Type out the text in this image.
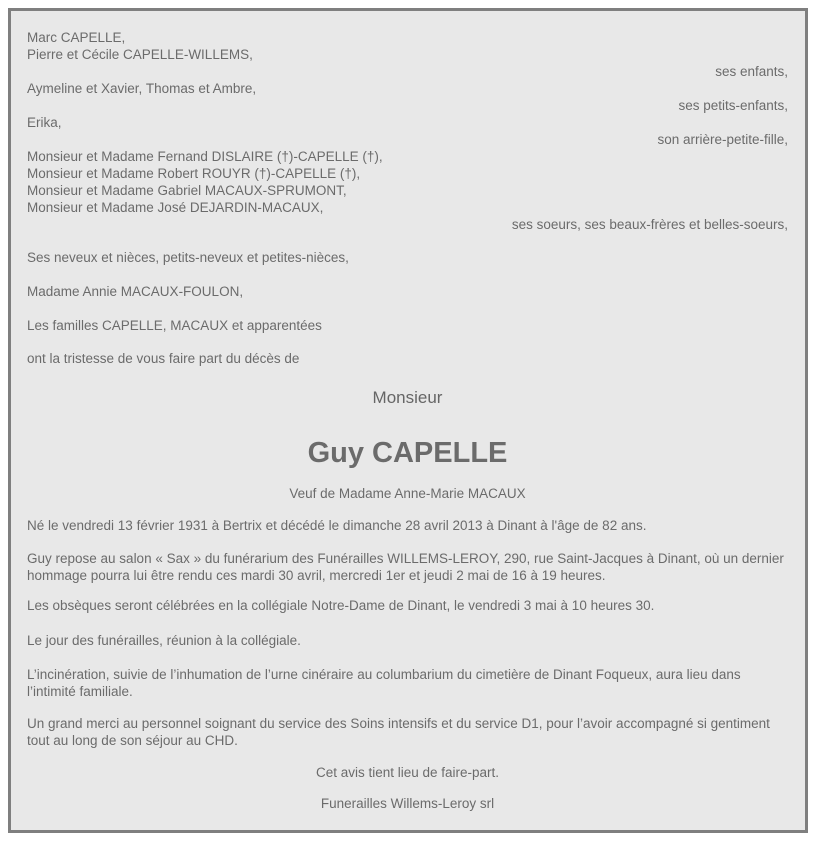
Marc CAPELLE,
Pierre et Cécile CAPELLE-WILLEMS,
ses enfants,
Aymeline et Xavier, Thomas et Ambre,
ses petits-enfants,
Erika,
son arrière-petite-fille,
Monsieur et Madame Fernand DISLAIRE (†)-CAPELLE (†),
Monsieur et Madame Robert ROUYR (†)-CAPELLE (†),
Monsieur et Madame Gabriel MACAUX-SPRUMONT,
Monsieur et Madame José DEJARDIN-MACAUX,
ses soeurs, ses beaux-frères et belles-soeurs,
Ses neveux et nièces, petits-neveux et petites-nièces,
Madame Annie MACAUX-FOULON,
Les familles CAPELLE, MACAUX et apparentées
ont la tristesse de vous faire part du décès de
Monsieur
Guy CAPELLE
Veuf de Madame Anne-Marie MACAUX

Né le vendredi 13 février 1931 à Bertrix et décédé le dimanche 28 avril 2013 à Dinant à l'âge de 82 ans.

Guy repose au salon « Sax » du funérarium des Funérailles WILLEMS-LEROY, 290, rue Saint-Jacques à Dinant, où un dernier hommage pourra lui être rendu ces mardi 30 avril, mercredi 1er et jeudi 2 mai de 16 à 19 heures.

Les obsèques seront célébrées en la collégiale Notre-Dame de Dinant, le vendredi 3 mai à 10 heures 30.

Le jour des funérailles, réunion à la collégiale.

L’incinération, suivie de l’inhumation de l’urne cinéraire au columbarium du cimetière de Dinant Foqueux, aura lieu dans l’intimité familiale.

Un grand merci au personnel soignant du service des Soins intensifs et du service D1, pour l’avoir accompagné si gentiment tout au long de son séjour au CHD.

Cet avis tient lieu de faire-part.
Funerailles Willems-Leroy srl
